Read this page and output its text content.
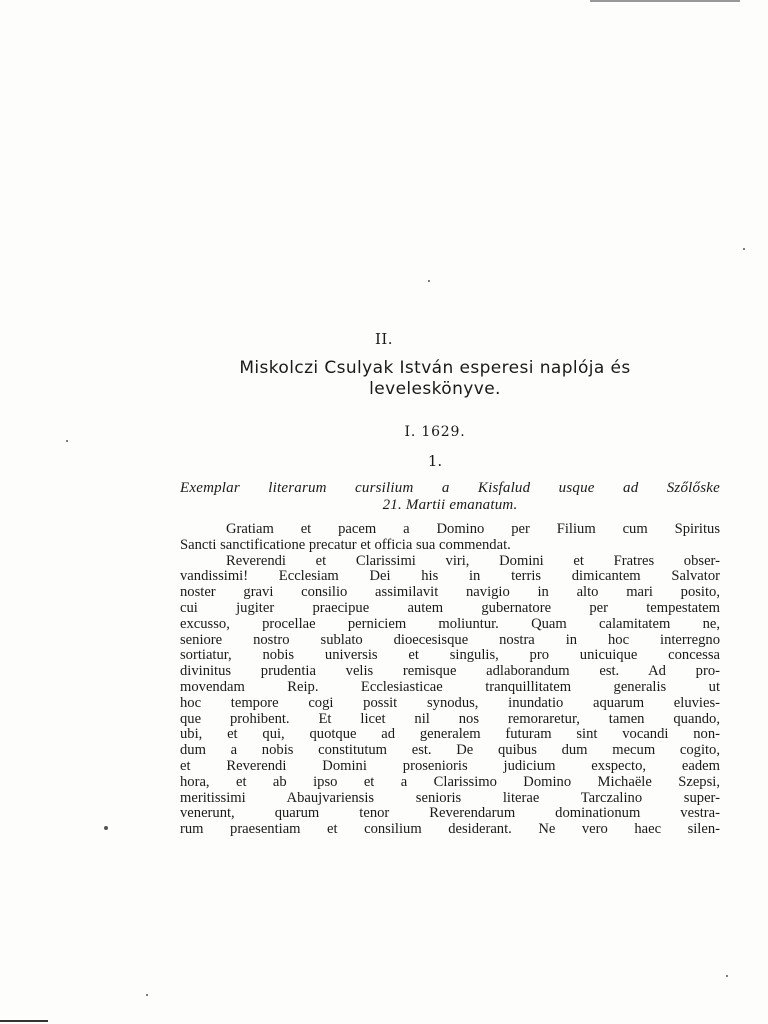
II.
Miskolczi Csulyak István esperesi naplója és
leveleskönyve.
I. 1629.
1.
Exemplar literarum cursilium a Kisfalud usque ad Szőlőske
21. Martii emanatum.
Gratiam et pacem a Domino per Filium cum Spiritus
Sancti sanctificatione precatur et officia sua commendat.
Reverendi et Clarissimi viri, Domini et Fratres obser-
vandissimi! Ecclesiam Dei his in terris dimicantem Salvator
noster gravi consilio assimilavit navigio in alto mari posito,
cui jugiter praecipue autem gubernatore per tempestatem
excusso, procellae perniciem moliuntur. Quam calamitatem ne,
seniore nostro sublato dioecesisque nostra in hoc interregno
sortiatur, nobis universis et singulis, pro unicuique concessa
divinitus prudentia velis remisque adlaborandum est. Ad pro-
movendam Reip. Ecclesiasticae tranquillitatem generalis ut
hoc tempore cogi possit synodus, inundatio aquarum eluvies-
que prohibent. Et licet nil nos remoraretur, tamen quando,
ubi, et qui, quotque ad generalem futuram sint vocandi non-
dum a nobis constitutum est. De quibus dum mecum cogito,
et Reverendi Domini prosenioris judicium exspecto, eadem
hora, et ab ipso et a Clarissimo Domino Michaële Szepsi,
meritissimi Abaujvariensis senioris literae Tarczalino super-
venerunt, quarum tenor Reverendarum dominationum vestra-
rum praesentiam et consilium desiderant. Ne vero haec silen-
